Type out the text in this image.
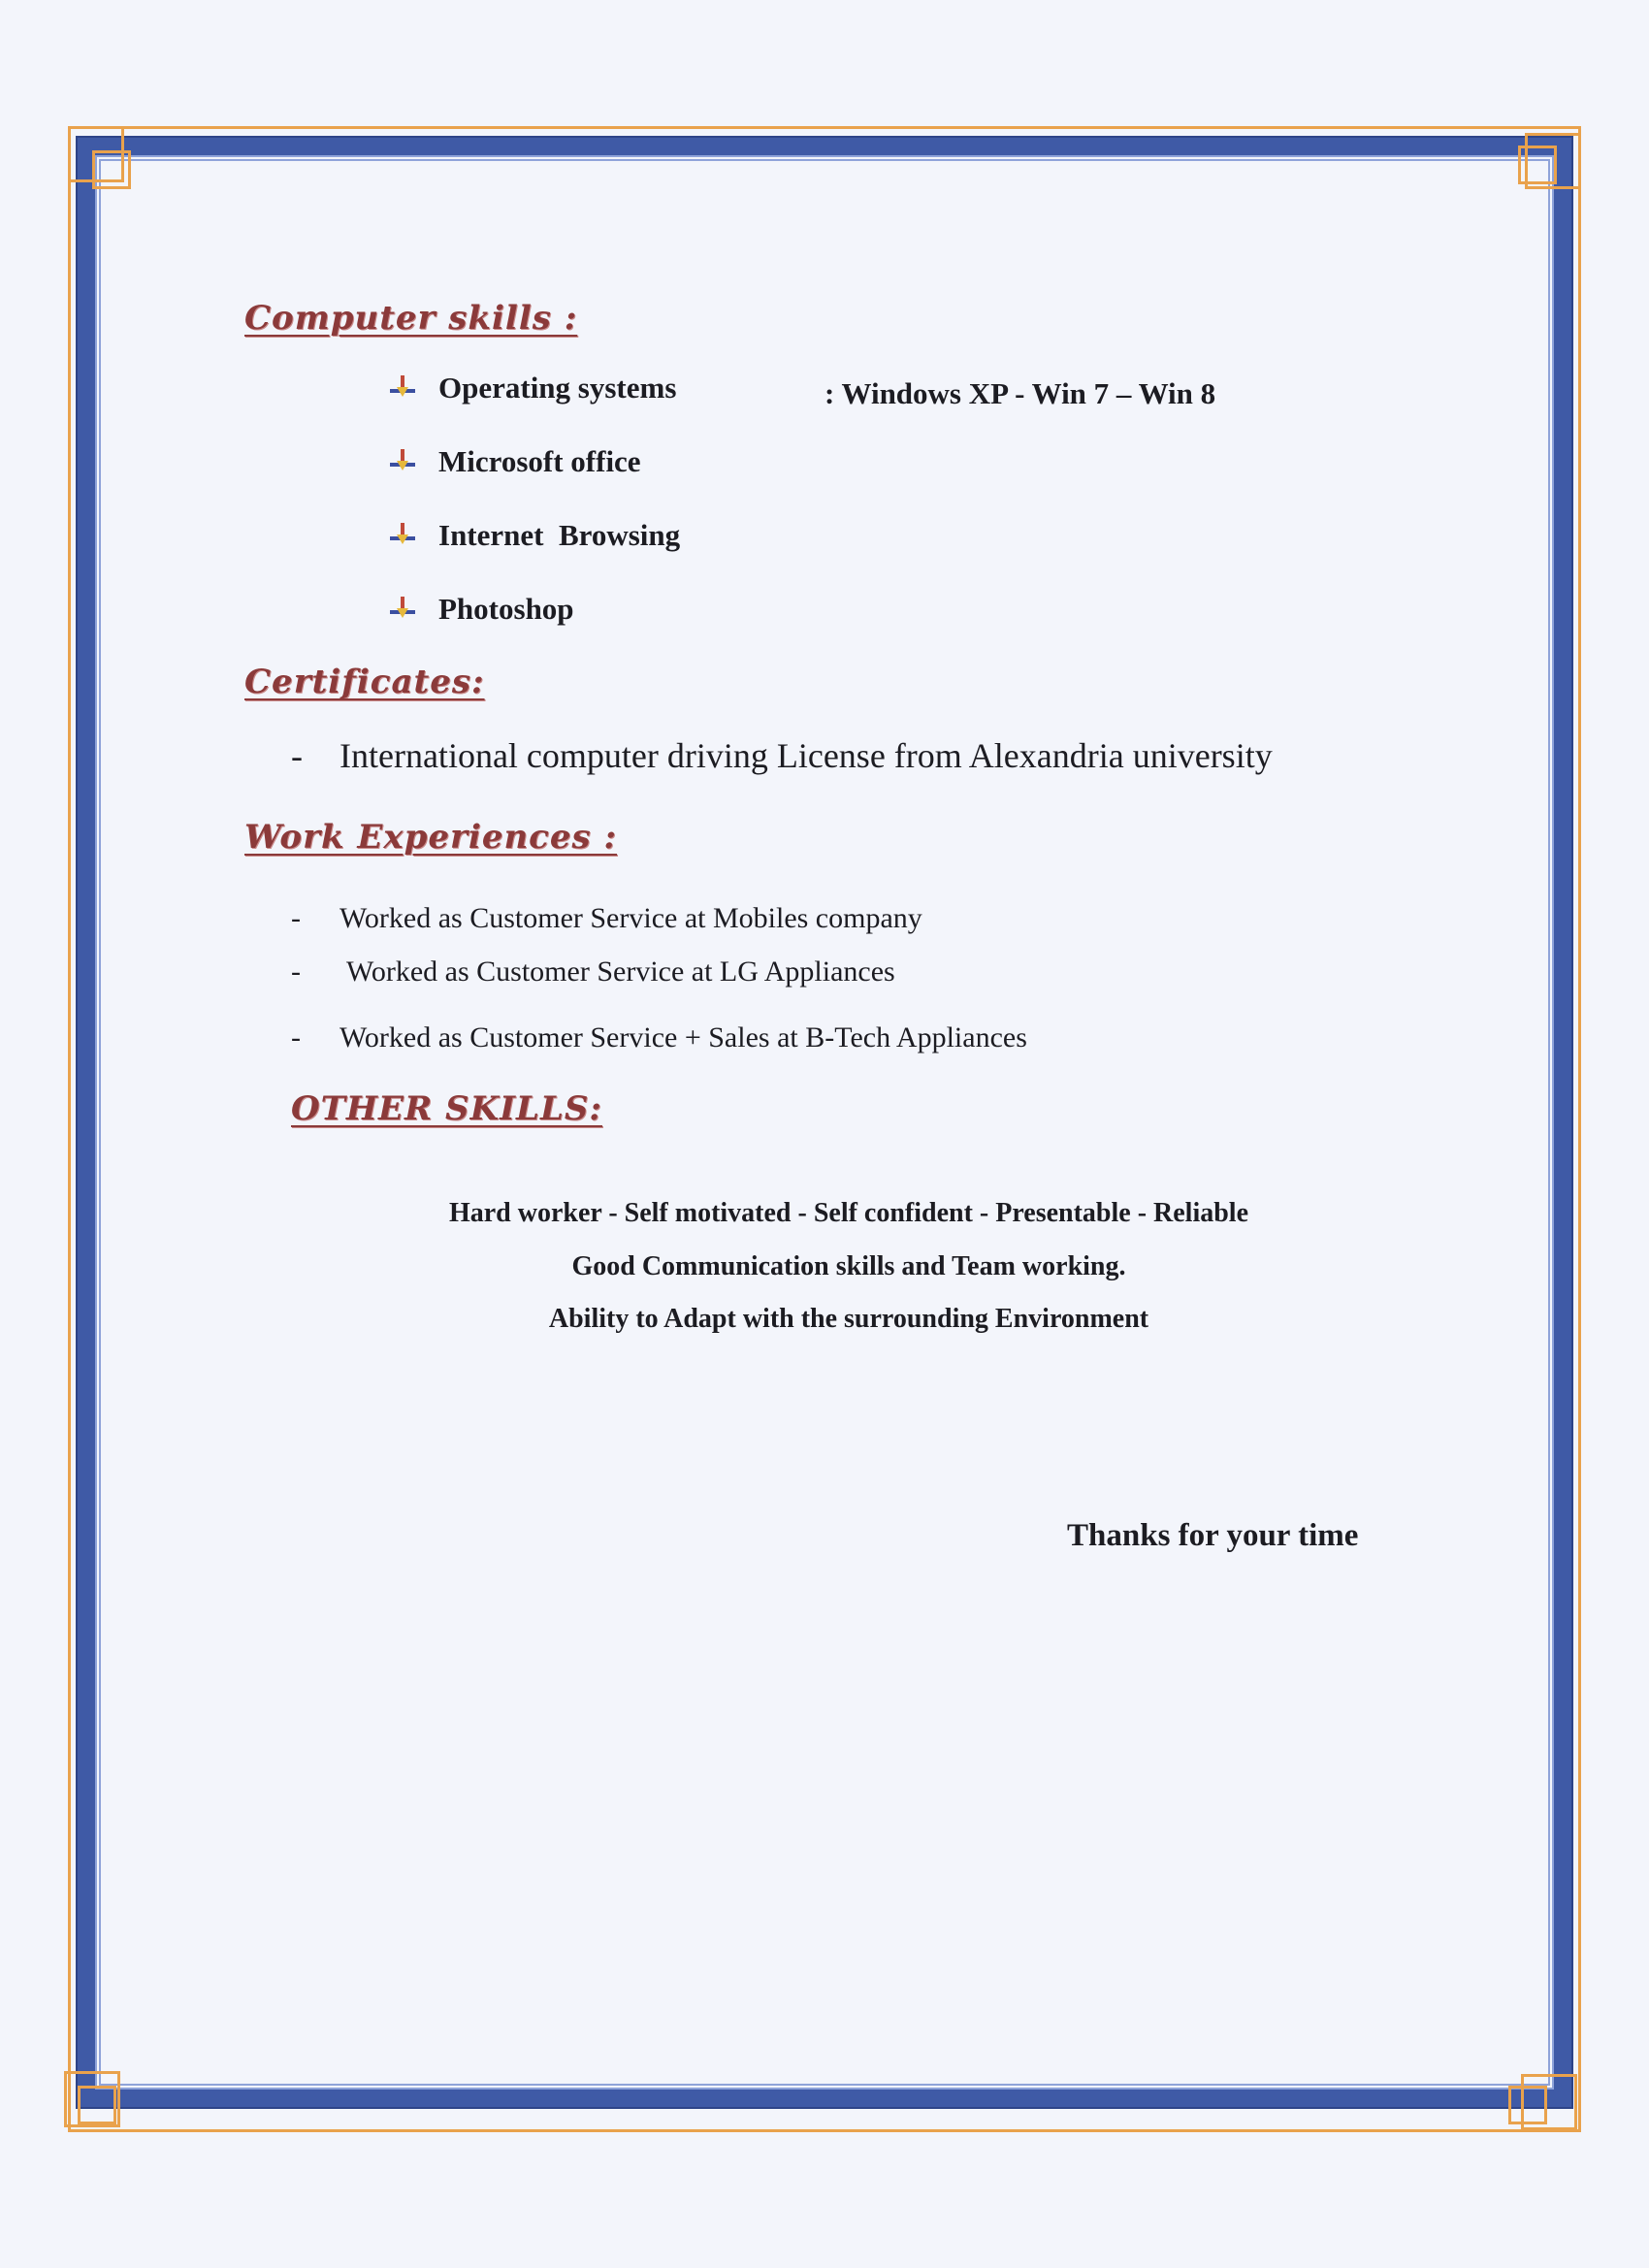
Computer skills :
Operating systems	: Windows XP - Win 7 – Win 8
Microsoft office
Internet  Browsing
Photoshop
Certificates:
-	International computer driving License from Alexandria university
Work Experiences :
-	Worked as Customer Service at Mobiles company
-	Worked as Customer Service at LG Appliances
-	Worked as Customer Service + Sales at B-Tech Appliances
OTHER SKILLS:
Hard worker - Self motivated - Self confident - Presentable - Reliable
Good Communication skills and Team working.
Ability to Adapt with the surrounding Environment
Thanks for your time
